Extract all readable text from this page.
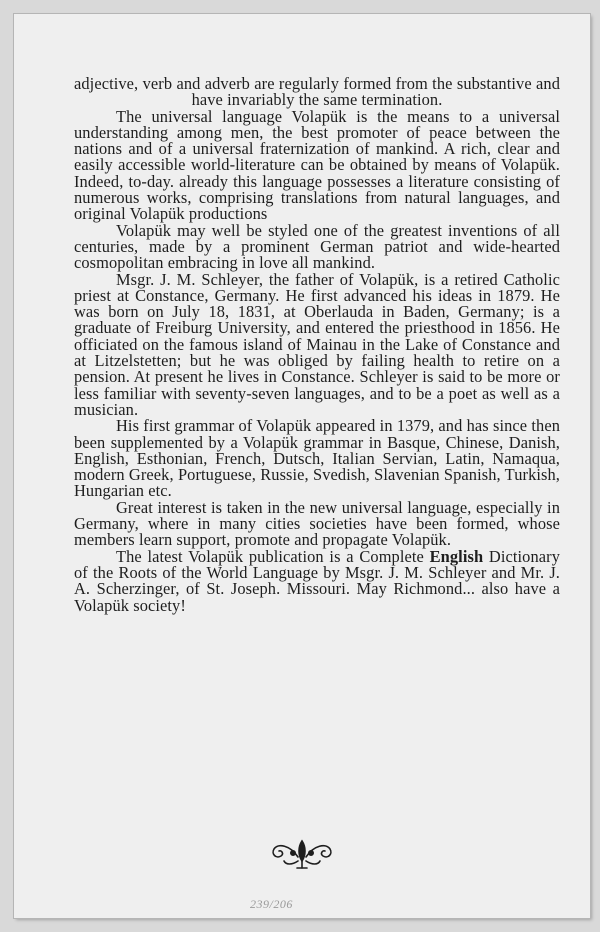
adjective, verb and adverb are regularly formed from the substantive and have invariably the same termination.

The universal language Volapük is the means to a universal understanding among men, the best promoter of peace between the nations and of a universal fraternization of mankind. A rich, clear and easily accessible world-literature can be obtained by means of Volapük. Indeed, to-day. already this language possesses a literature consisting of numerous works, comprising translations from natural languages, and original Volapük productions

Volapük may well be styled one of the greatest inventions of all centuries, made by a prominent German patriot and wide-hearted cosmopolitan embracing in love all mankind.

Msgr. J. M. Schleyer, the father of Volapük, is a retired Catholic priest at Constance, Germany. He first advanced his ideas in 1879. He was born on July 18, 1831, at Oberlauda in Baden, Germany; is a graduate of Freiburg University, and entered the priesthood in 1856. He officiated on the famous island of Mainau in the Lake of Constance and at Litzelstetten; but he was obliged by failing health to retire on a pension. At present he lives in Constance. Schleyer is said to be more or less familiar with seventy-seven languages, and to be a poet as well as a musician.

His first grammar of Volapük appeared in 1379, and has since then been supplemented by a Volapük grammar in Basque, Chinese, Danish, English, Esthonian, French, Dutsch, Italian Servian, Latin, Namaqua, modern Greek, Portuguese, Russie, Svedish, Slavenian Spanish, Turkish, Hungarian etc.

Great interest is taken in the new universal language, especially in Germany, where in many cities societies have been formed, whose members learn support, promote and propagate Volapük.

The latest Volapük publication is a Complete English Dictionary of the Roots of the World Language by Msgr. J. M. Schleyer and Mr. J. A. Scherzinger, of St. Joseph. Missouri. May Richmond... also have a Volapük society!

239/206
